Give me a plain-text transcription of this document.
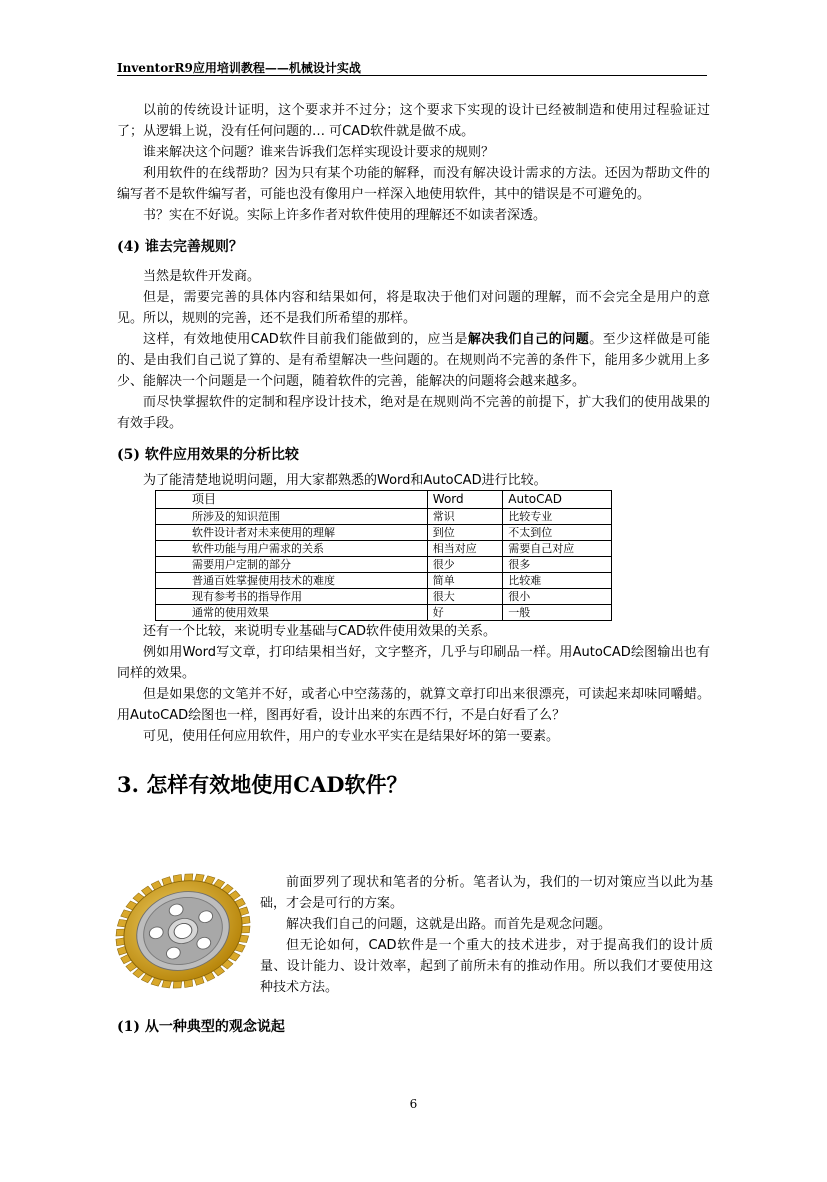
InventorR9应用培训教程——机械设计实战

以前的传统设计证明，这个要求并不过分；这个要求下实现的设计已经被制造和使用过程验证过了；从逻辑上说，没有任何问题的… 可CAD软件就是做不成。

谁来解决这个问题？谁来告诉我们怎样实现设计要求的规则？

利用软件的在线帮助？因为只有某个功能的解释，而没有解决设计需求的方法。还因为帮助文件的编写者不是软件编写者，可能也没有像用户一样深入地使用软件，其中的错误是不可避免的。

书？实在不好说。实际上许多作者对软件使用的理解还不如读者深透。

(4) 谁去完善规则？

当然是软件开发商。

但是，需要完善的具体内容和结果如何，将是取决于他们对问题的理解，而不会完全是用户的意见。所以，规则的完善，还不是我们所希望的那样。

这样，有效地使用CAD软件目前我们能做到的，应当是解决我们自己的问题。至少这样做是可能的、是由我们自己说了算的、是有希望解决一些问题的。在规则尚不完善的条件下，能用多少就用上多少、能解决一个问题是一个问题，随着软件的完善，能解决的问题将会越来越多。

而尽快掌握软件的定制和程序设计技术，绝对是在规则尚不完善的前提下，扩大我们的使用战果的有效手段。

(5) 软件应用效果的分析比较

为了能清楚地说明问题，用大家都熟悉的Word和AutoCAD进行比较。

项目	Word	AutoCAD
所涉及的知识范围	常识	比较专业
软件设计者对未来使用的理解	到位	不太到位
软件功能与用户需求的关系	相当对应	需要自己对应
需要用户定制的部分	很少	很多
普通百姓掌握使用技术的难度	简单	比较难
现有参考书的指导作用	很大	很小
通常的使用效果	好	一般

还有一个比较，来说明专业基础与CAD软件使用效果的关系。

例如用Word写文章，打印结果相当好，文字整齐，几乎与印刷品一样。用AutoCAD绘图输出也有同样的效果。

但是如果您的文笔并不好，或者心中空荡荡的，就算文章打印出来很漂亮，可读起来却味同嚼蜡。用AutoCAD绘图也一样，图再好看，设计出来的东西不行，不是白好看了么？

可见，使用任何应用软件，用户的专业水平实在是结果好坏的第一要素。

3. 怎样有效地使用CAD软件？

前面罗列了现状和笔者的分析。笔者认为，我们的一切对策应当以此为基础，才会是可行的方案。

解决我们自己的问题，这就是出路。而首先是观念问题。

但无论如何，CAD软件是一个重大的技术进步，对于提高我们的设计质量、设计能力、设计效率，起到了前所未有的推动作用。所以我们才要使用这种技术方法。

(1) 从一种典型的观念说起

6
